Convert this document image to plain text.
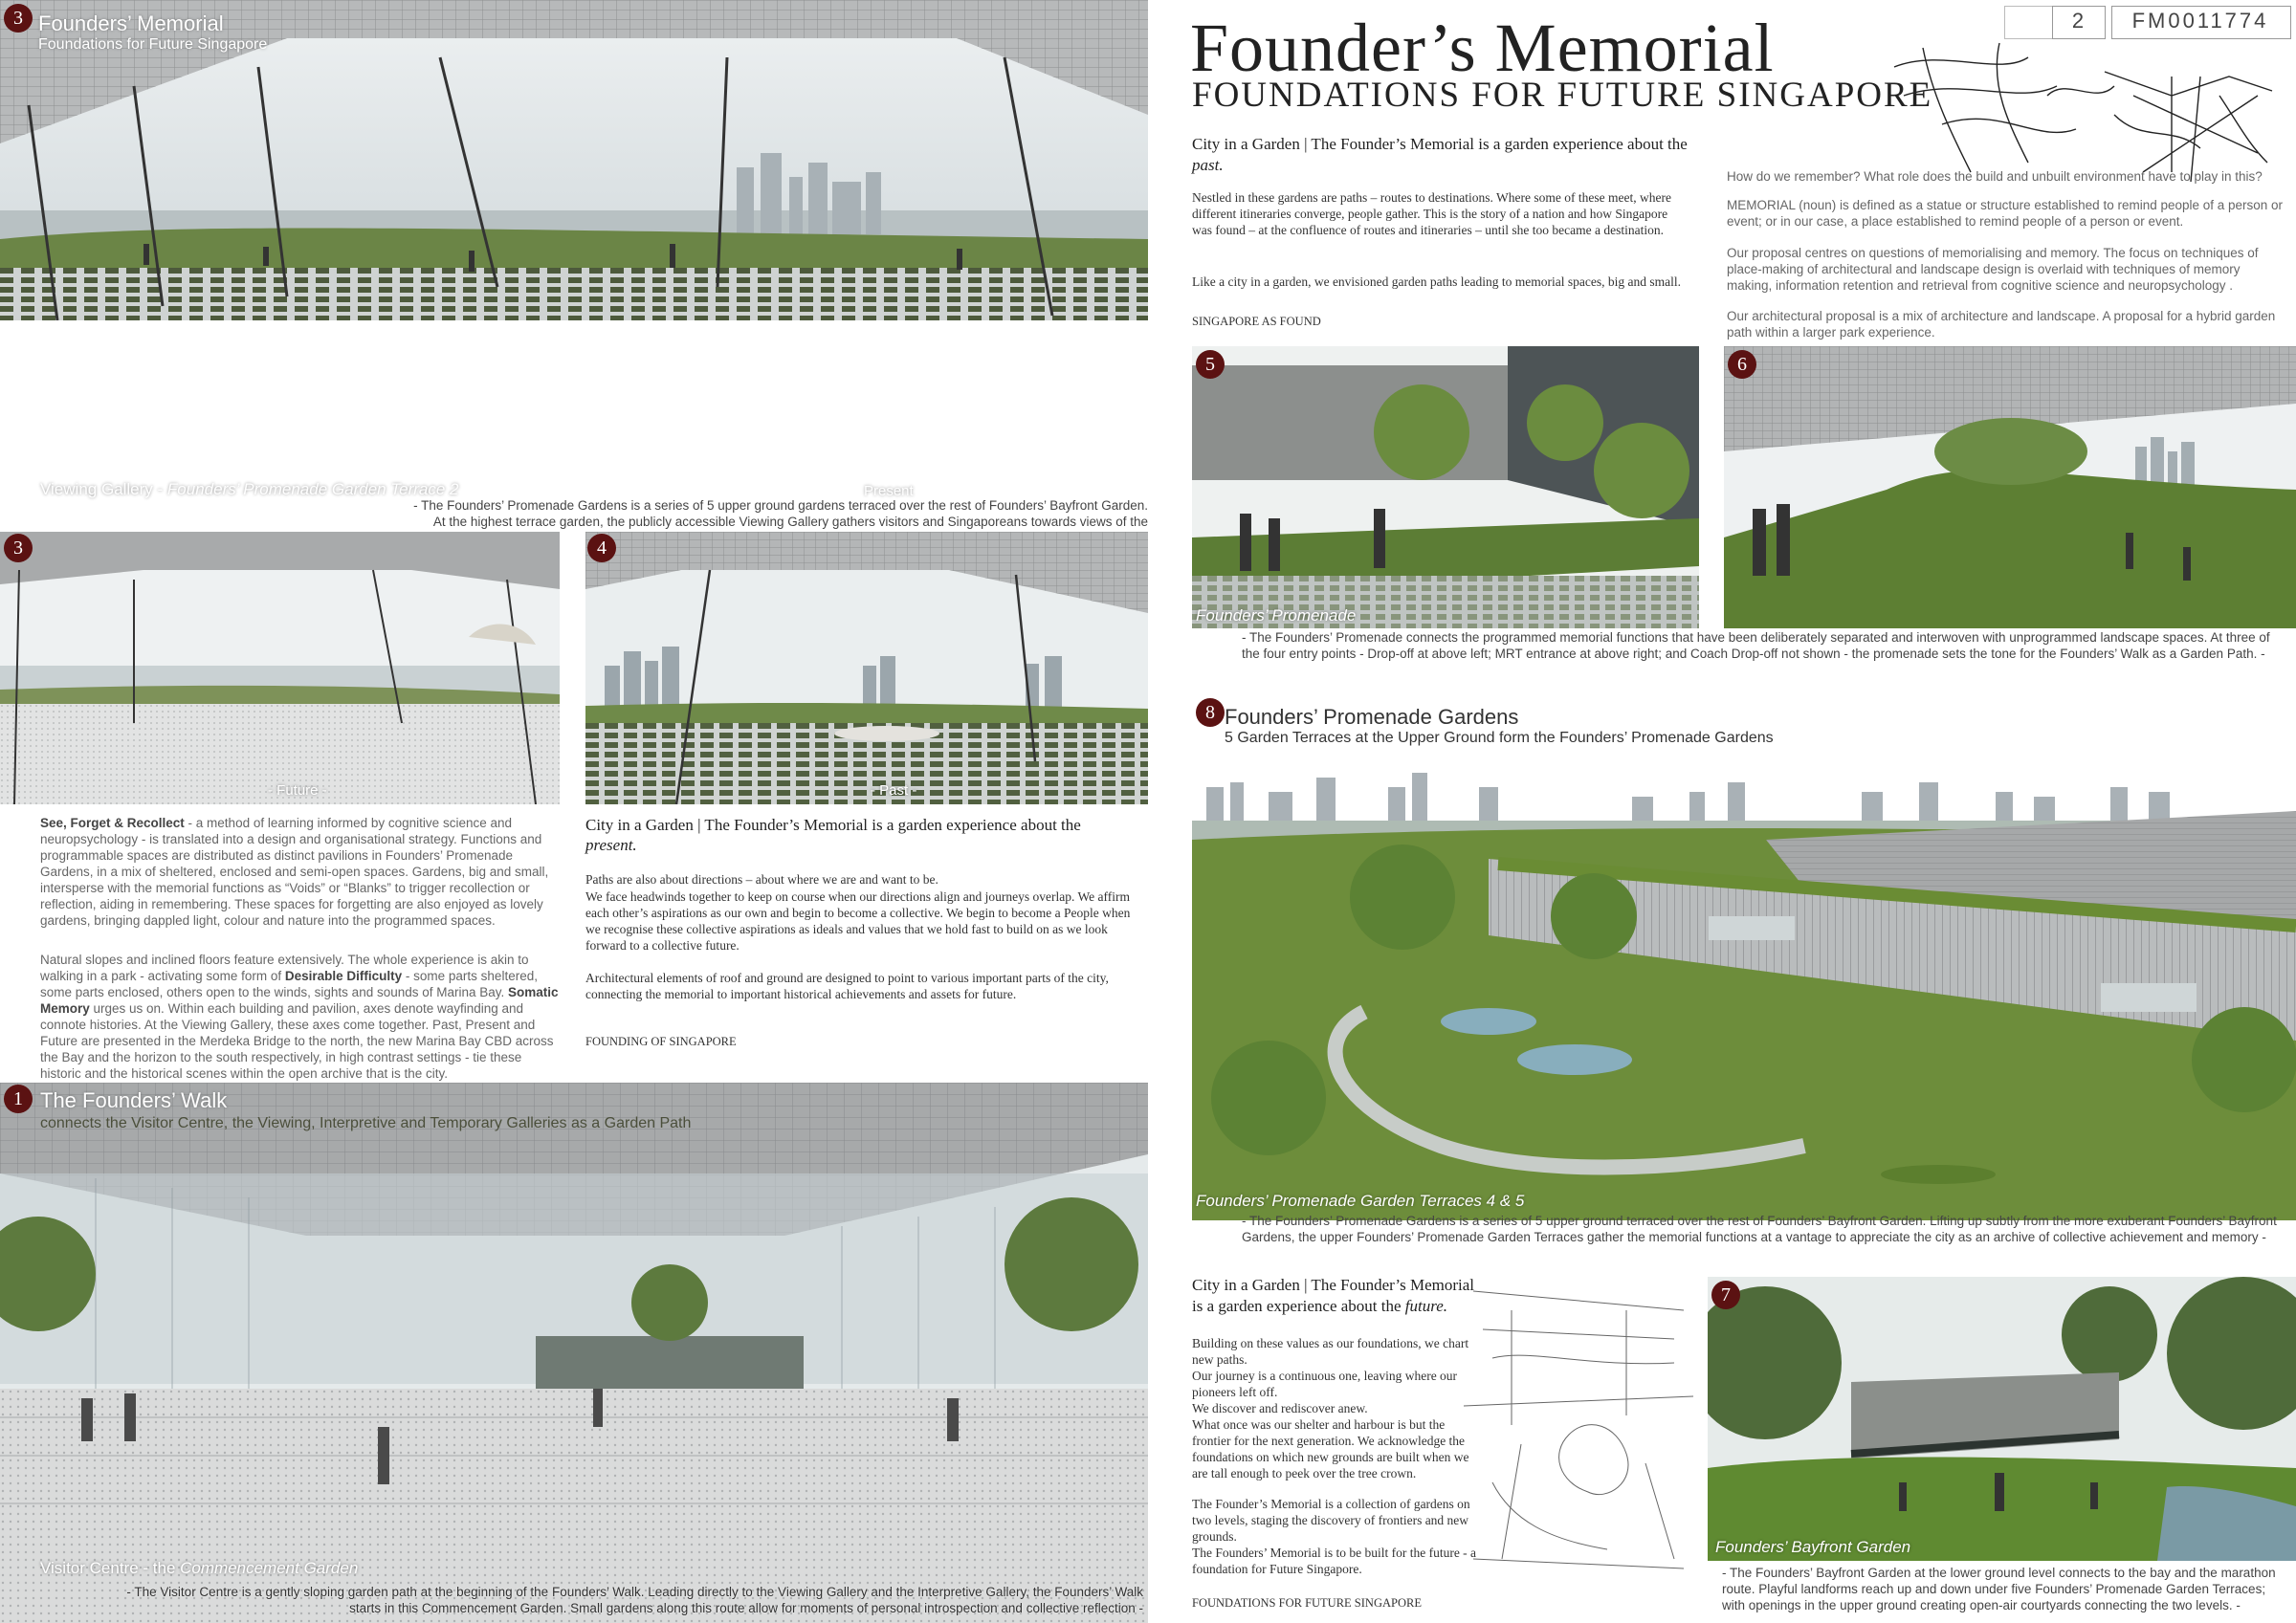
3 Founders’ Memorial
Foundations for Future Singapore
Viewing Gallery - Founders’ Promenade Garden Terrace 2	Present
- The Founders’ Promenade Gardens is a series of 5 upper ground gardens terraced over the rest of Founders’ Bayfront Garden. At the highest terrace garden, the publicly accessible Viewing Gallery gathers visitors and Singaporeans towards views of the
3
- Future -
4
- Past -
See, Forget & Recollect - a method of learning informed by cognitive science and neuropsychology - is translated into a design and organisational strategy. Functions and programmable spaces are distributed as distinct pavilions in Founders’ Promenade Gardens, in a mix of sheltered, enclosed and semi-open spaces. Gardens, big and small, intersperse with the memorial functions as “Voids” or “Blanks” to trigger recollection or reflection, aiding in remembering. These spaces for forgetting are also enjoyed as lovely gardens, bringing dappled light, colour and nature into the programmed spaces.
Natural slopes and inclined floors feature extensively. The whole experience is akin to walking in a park - activating some form of Desirable Difficulty - some parts sheltered, some parts enclosed, others open to the winds, sights and sounds of Marina Bay. Somatic Memory urges us on. Within each building and pavilion, axes denote wayfinding and connote histories. At the Viewing Gallery, these axes come together. Past, Present and Future are presented in the Merdeka Bridge to the north, the new Marina Bay CBD across the Bay and the horizon to the south respectively, in high contrast settings - tie these historic and the historical scenes within the open archive that is the city.
City in a Garden | The Founder’s Memorial is a garden experience about the present.
Paths are also about directions – about where we are and want to be.
We face headwinds together to keep on course when our directions align and journeys overlap. We affirm each other’s aspirations as our own and begin to become a collective. We begin to become a People when we recognise these collective aspirations as ideals and values that we hold fast to build on as we look forward to a collective future.
Architectural elements of roof and ground are designed to point to various important parts of the city, connecting the memorial to important historical achievements and assets for future.
FOUNDING OF SINGAPORE
1 The Founders’ Walk
connects the Visitor Centre, the Viewing, Interpretive and Temporary Galleries as a Garden Path
Visitor Centre - the Commencement Garden
- The Visitor Centre is a gently sloping garden path at the beginning of the Founders’ Walk. Leading directly to the Viewing Gallery and the Interpretive Gallery, the Founders’ Walk starts in this Commencement Garden. Small gardens along this route allow for moments of personal introspection and collective reflection -
Founder’s Memorial
FOUNDATIONS FOR FUTURE SINGAPORE
2	FM0011774
City in a Garden | The Founder’s Memorial is a garden experience about the past.
Nestled in these gardens are paths – routes to destinations. Where some of these meet, where different itineraries converge, people gather. This is the story of a nation and how Singapore was found – at the confluence of routes and itineraries – until she too became a destination.
Like a city in a garden, we envisioned garden paths leading to memorial spaces, big and small.
SINGAPORE AS FOUND
How do we remember? What role does the build and unbuilt environment have to play in this?
MEMORIAL (noun) is defined as a statue or structure established to remind people of a person or event; or in our case, a place established to remind people of a person or event.
Our proposal centres on questions of memorialising and memory. The focus on techniques of place-making of architectural and landscape design is overlaid with techniques of memory making, information retention and retrieval from cognitive science and neuropsychology .
Our architectural proposal is a mix of architecture and landscape. A proposal for a hybrid garden path within a larger park experience.
5
Founders’ Promenade
6
- The Founders’ Promenade connects the programmed memorial functions that have been deliberately separated and interwoven with unprogrammed landscape spaces. At three of the four entry points - Drop-off at above left; MRT entrance at above right; and Coach Drop-off not shown - the promenade sets the tone for the Founders’ Walk as a Garden Path. -
8 Founders’ Promenade Gardens
5 Garden Terraces at the Upper Ground form the Founders’ Promenade Gardens
Founders’ Promenade Garden Terraces 4 & 5
- The Founders’ Promenade Gardens is a series of 5 upper ground terraced over the rest of Founders’ Bayfront Garden. Lifting up subtly from the more exuberant Founders’ Bayfront Gardens, the upper Founders’ Promenade Garden Terraces gather the memorial functions at a vantage to appreciate the city as an archive of collective achievement and memory -
City in a Garden | The Founder’s Memorial is a garden experience about the future.
Building on these values as our foundations, we chart new paths.
Our journey is a continuous one, leaving where our pioneers left off.
We discover and rediscover anew.
What once was our shelter and harbour is but the frontier for the next generation. We acknowledge the foundations on which new grounds are built when we are tall enough to peek over the tree crown.
The Founder’s Memorial is a collection of gardens on two levels, staging the discovery of frontiers and new grounds.
The Founders’ Memorial is to be built for the future - a foundation for Future Singapore.
FOUNDATIONS FOR FUTURE SINGAPORE
7
Founders’ Bayfront Garden
- The Founders’ Bayfront Garden at the lower ground level connects to the bay and the marathon route. Playful landforms reach up and down under five Founders’ Promenade Garden Terraces; with openings in the upper ground creating open-air courtyards connecting the two levels. -
